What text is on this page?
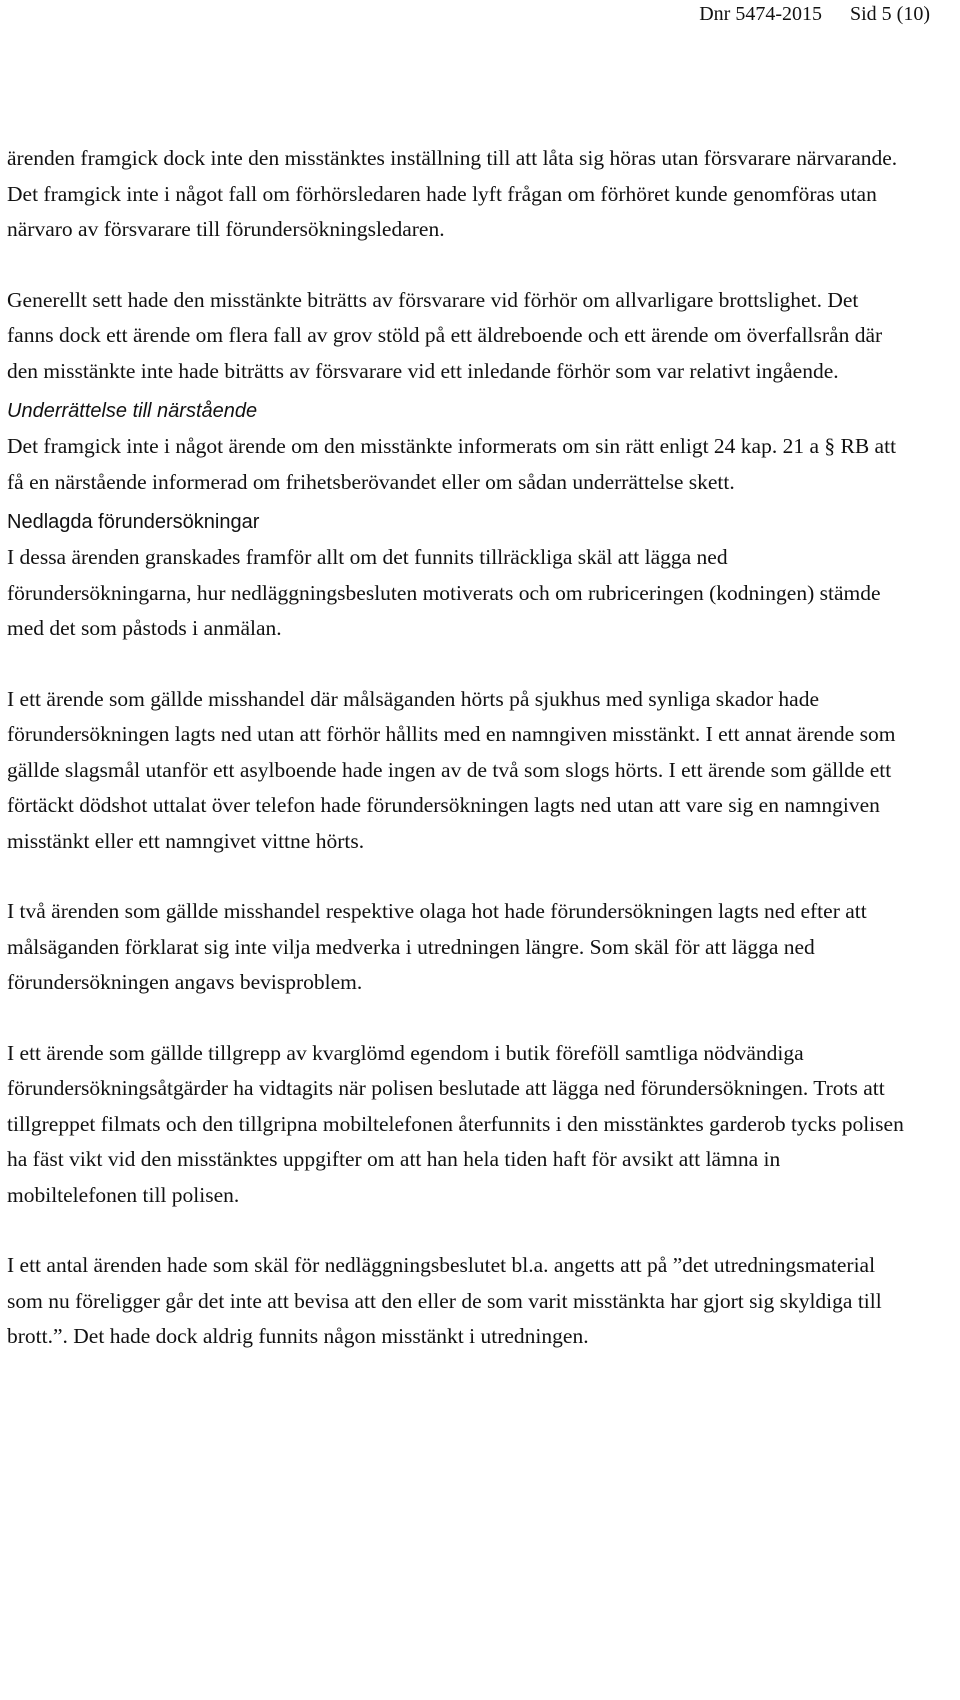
Dnr 5474-2015 Sid 5 (10)

ärenden framgick dock inte den misstänktes inställning till att låta sig höras utan försvarare närvarande. Det framgick inte i något fall om förhörsledaren hade lyft frågan om förhöret kunde genomföras utan närvaro av försvarare till förundersökningsledaren.

Generellt sett hade den misstänkte biträtts av försvarare vid förhör om allvarligare brottslighet. Det fanns dock ett ärende om flera fall av grov stöld på ett äldreboende och ett ärende om överfallsrån där den misstänkte inte hade biträtts av försvarare vid ett inledande förhör som var relativt ingående.

Underrättelse till närstående

Det framgick inte i något ärende om den misstänkte informerats om sin rätt enligt 24 kap. 21 a § RB att få en närstående informerad om frihetsberövandet eller om sådan underrättelse skett.

Nedlagda förundersökningar

I dessa ärenden granskades framför allt om det funnits tillräckliga skäl att lägga ned förundersökningarna, hur nedläggningsbesluten motiverats och om rubriceringen (kodningen) stämde med det som påstods i anmälan.

I ett ärende som gällde misshandel där målsäganden hörts på sjukhus med synliga skador hade förundersökningen lagts ned utan att förhör hållits med en namngiven misstänkt. I ett annat ärende som gällde slagsmål utanför ett asylboende hade ingen av de två som slogs hörts. I ett ärende som gällde ett förtäckt dödshot uttalat över telefon hade förundersökningen lagts ned utan att vare sig en namngiven misstänkt eller ett namngivet vittne hörts.

I två ärenden som gällde misshandel respektive olaga hot hade förundersökningen lagts ned efter att målsäganden förklarat sig inte vilja medverka i utredningen längre. Som skäl för att lägga ned förundersökningen angavs bevisproblem.

I ett ärende som gällde tillgrepp av kvarglömd egendom i butik föreföll samtliga nödvändiga förundersökningsåtgärder ha vidtagits när polisen beslutade att lägga ned förundersökningen. Trots att tillgreppet filmats och den tillgripna mobiltelefonen återfunnits i den misstänktes garderob tycks polisen ha fäst vikt vid den misstänktes uppgifter om att han hela tiden haft för avsikt att lämna in mobiltelefonen till polisen.

I ett antal ärenden hade som skäl för nedläggningsbeslutet bl.a. angetts att på ”det utredningsmaterial som nu föreligger går det inte att bevisa att den eller de som varit misstänkta har gjort sig skyldiga till brott.”. Det hade dock aldrig funnits någon misstänkt i utredningen.
